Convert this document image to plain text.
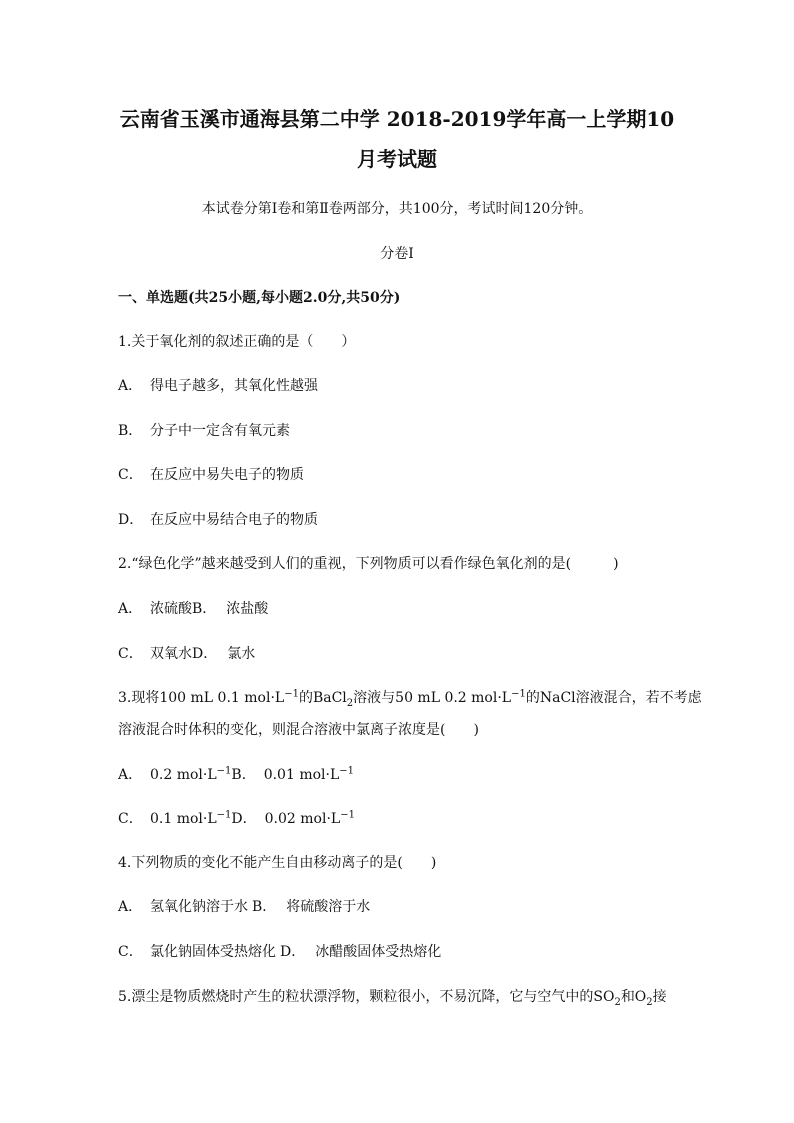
云南省玉溪市通海县第二中学 2018-2019学年高一上学期10
月考试题
本试卷分第Ⅰ卷和第Ⅱ卷两部分，共100分，考试时间120分钟。
分卷I
一、单选题(共25小题,每小题2.0分,共50分)
1.关于氧化剂的叙述正确的是（　　）
A． 得电子越多，其氧化性越强
B． 分子中一定含有氧元素
C． 在反应中易失电子的物质
D． 在反应中易结合电子的物质
2.“绿色化学”越来越受到人们的重视，下列物质可以看作绿色氧化剂的是(　　　)
A． 浓硫酸B． 浓盐酸
C． 双氧水D． 氯水
3.现将100 mL 0.1 $mol\cdot L^{-1}$的BaCl$_2$溶液与50 mL 0.2 $mol\cdot L^{-1}$的NaCl溶液混合，若不考虑
溶液混合时体积的变化，则混合溶液中氯离子浓度是(　　)
A． 0.2 $mol\cdot L^{-1}B$． 0.01 $mol\cdot L^{-1}$
C． 0.1 $mol\cdot L^{-1}D$． 0.02 $mol\cdot L^{-1}$
4.下列物质的变化不能产生自由移动离子的是(　　)
A． 氢氧化钠溶于水 B． 将硫酸溶于水
C． 氯化钠固体受热熔化 D． 冰醋酸固体受热熔化
5.漂尘是物质燃烧时产生的粒状漂浮物，颗粒很小，不易沉降，它与空气中的$SO_2$和$O_2$接
